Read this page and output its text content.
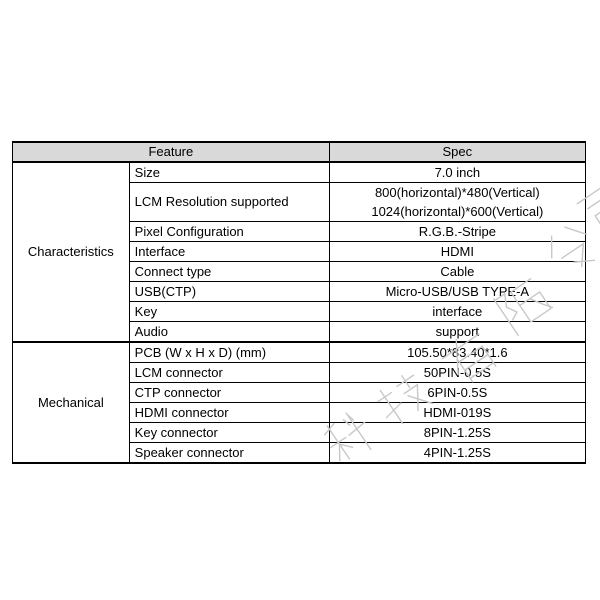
Feature		Spec
Characteristics	Size	7.0 inch

	LCM Resolution supported	800(horizontal)*480(Vertical)
1024(horizontal)*600(Vertical)

	Pixel Configuration	R.G.B.-Stripe

	Interface	HDMI

	Connect type	Cable

	USB(CTP)	Micro-USB/USB TYPE-A

	Key	interface

	Audio	support

Mechanical	PCB (W x H x D) (mm)	105.50*83.40*1.6

	LCM connector	50PIN-0.5S

	CTP connector	6PIN-0.5S

	HDMI connector	HDMI-019S

	Key connector	8PIN-1.25S

	Speaker connector	4PIN-1.25S
